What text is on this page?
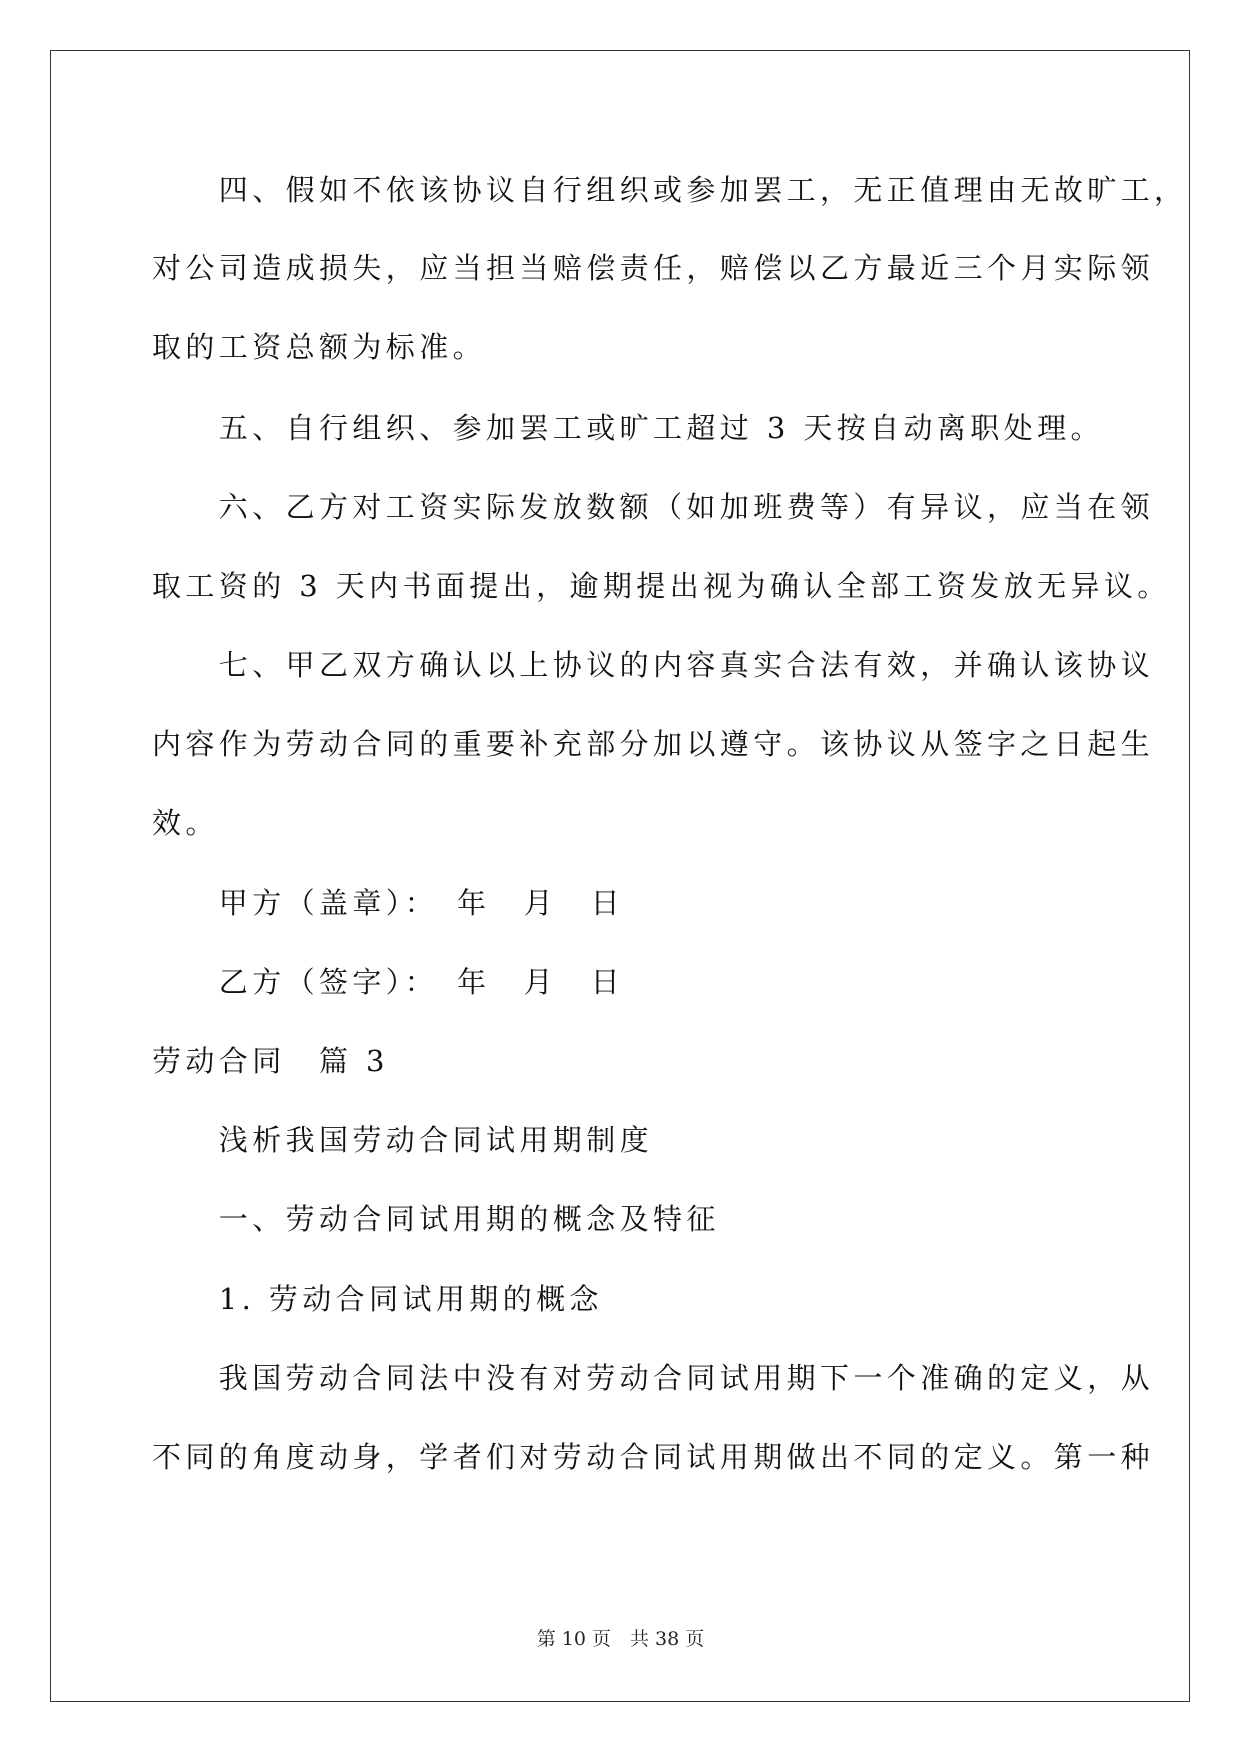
　　四、假如不依该协议自行组织或参加罢工，无正值理由无故旷工，
对公司造成损失，应当担当赔偿责任，赔偿以乙方最近三个月实际领
取的工资总额为标准。
　　五、自行组织、参加罢工或旷工超过 3 天按自动离职处理。
　　六、乙方对工资实际发放数额（如加班费等）有异议，应当在领
取工资的 3 天内书面提出，逾期提出视为确认全部工资发放无异议。
　　七、甲乙双方确认以上协议的内容真实合法有效，并确认该协议
内容作为劳动合同的重要补充部分加以遵守。该协议从签字之日起生
效。
　　甲方（盖章）：　年　月　日
　　乙方（签字）：　年　月　日
劳动合同　篇 3
　　浅析我国劳动合同试用期制度
　　一、劳动合同试用期的概念及特征
　　1. 劳动合同试用期的概念
　　我国劳动合同法中没有对劳动合同试用期下一个准确的定义，从
不同的角度动身，学者们对劳动合同试用期做出不同的定义。第一种
第 10 页　共 38 页
